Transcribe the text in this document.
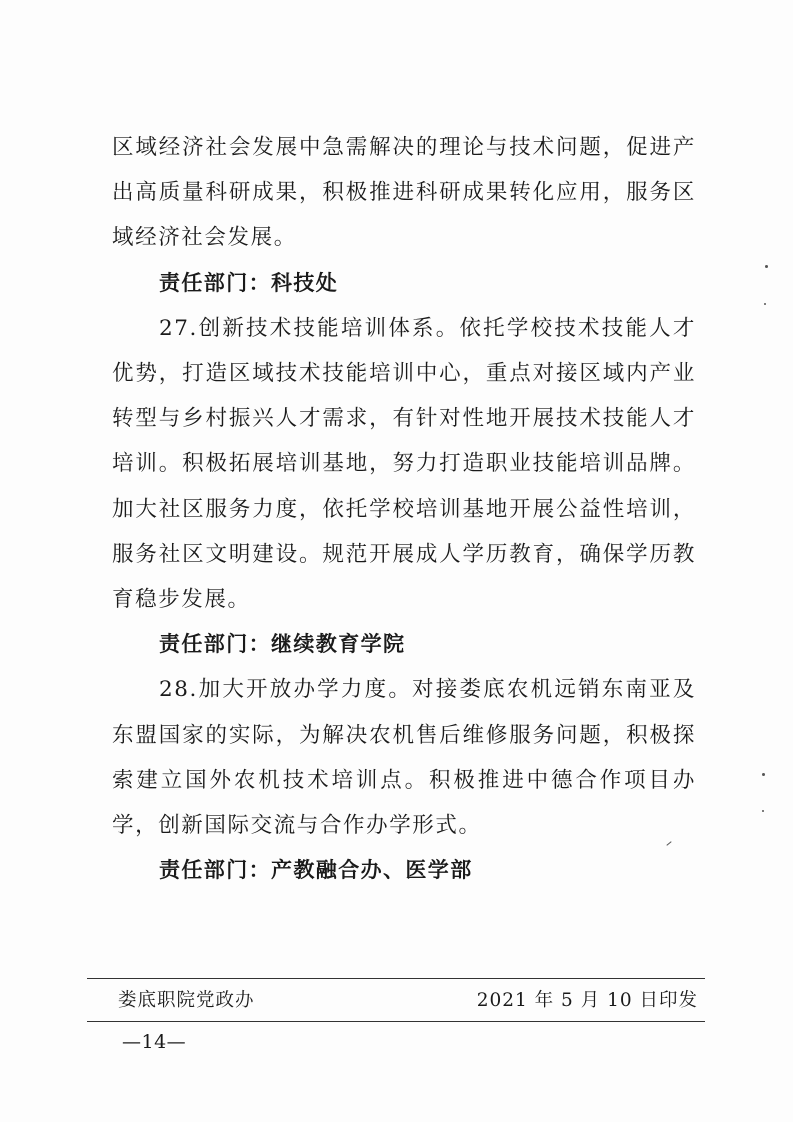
区域经济社会发展中急需解决的理论与技术问题，促进产出高质量科研成果，积极推进科研成果转化应用，服务区域经济社会发展。

责任部门：科技处

27.创新技术技能培训体系。依托学校技术技能人才优势，打造区域技术技能培训中心，重点对接区域内产业转型与乡村振兴人才需求，有针对性地开展技术技能人才培训。积极拓展培训基地，努力打造职业技能培训品牌。加大社区服务力度，依托学校培训基地开展公益性培训，服务社区文明建设。规范开展成人学历教育，确保学历教育稳步发展。

责任部门：继续教育学院

28.加大开放办学力度。对接娄底农机远销东南亚及东盟国家的实际，为解决农机售后维修服务问题，积极探索建立国外农机技术培训点。积极推进中德合作项目办学，创新国际交流与合作办学形式。

责任部门：产教融合办、医学部

娄底职院党政办	2021 年 5 月 10 日印发
—14—
